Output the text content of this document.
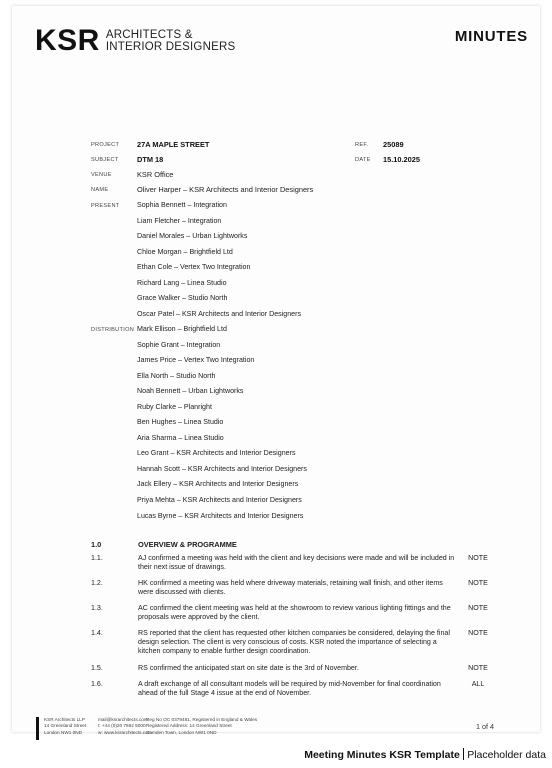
KSR ARCHITECTS &
INTERIOR DESIGNERS
MINUTES
PROJECT 27A MAPLE STREET	REF. 25089
SUBJECT DTM 18	DATE 15.10.2025
VENUE	KSR Office
NAME	Oliver Harper – KSR Architects and Interior Designers
PRESENT Sophia Bennett – Integration
Liam Fletcher – Integration
Daniel Morales – Urban Lightworks
Chloe Morgan – Brightfield Ltd
Ethan Cole – Vertex Two Integration
Richard Lang – Linea Studio
Grace Walker – Studio North
Oscar Patel – KSR Architects and Interior Designers
DISTRIBUTION Mark Ellison – Brightfield Ltd
Sophie Grant – Integration
James Price – Vertex Two Integration
Ella North – Studio North
Noah Bennett – Urban Lightworks
Ruby Clarke – Planright
Ben Hughes – Linea Studio
Aria Sharma – Linea Studio
Leo Grant – KSR Architects and Interior Designers
Hannah Scott – KSR Architects and Interior Designers
Jack Ellery – KSR Architects and Interior Designers
Priya Mehta – KSR Architects and Interior Designers
Lucas Byrne – KSR Architects and Interior Designers
1.0	OVERVIEW & PROGRAMME
1.1.	AJ confirmed a meeting was held with the client and key decisions were made and will be included in their next issue of drawings.
NOTE
1.2.	HK confirmed a meeting was held where driveway materials, retaining wall finish, and other items were discussed with clients.
NOTE
1.3.	AC confirmed the client meeting was held at the showroom to review various lighting fittings and the proposals were approved by the client.
NOTE
1.4.	RS reported that the client has requested other kitchen companies be considered, delaying the final design selection. The client is very conscious of costs. KSR noted the importance of selecting a kitchen company to enable further design coordination.
NOTE
1.5.	RS confirmed the anticipated start on site date is the 3rd of November.	NOTE
1.6.	A draft exchange of all consultant models will be required by mid-November for final coordination ahead of the full Stage 4 issue at the end of November.
ALL
KSR Architects LLP
14 Greenland Street
London NW1 0ND
mail@ksrarchitects.com
t: +44 (0)20 7692 5000
w: www.ksrarchitects.com
Reg No OC 0379481, Registered in England & Wales
Registered Address: 14 Greenland Street
Camden Town, London NW1 0ND
1 of 4
Meeting Minutes KSR Template Placeholder data
